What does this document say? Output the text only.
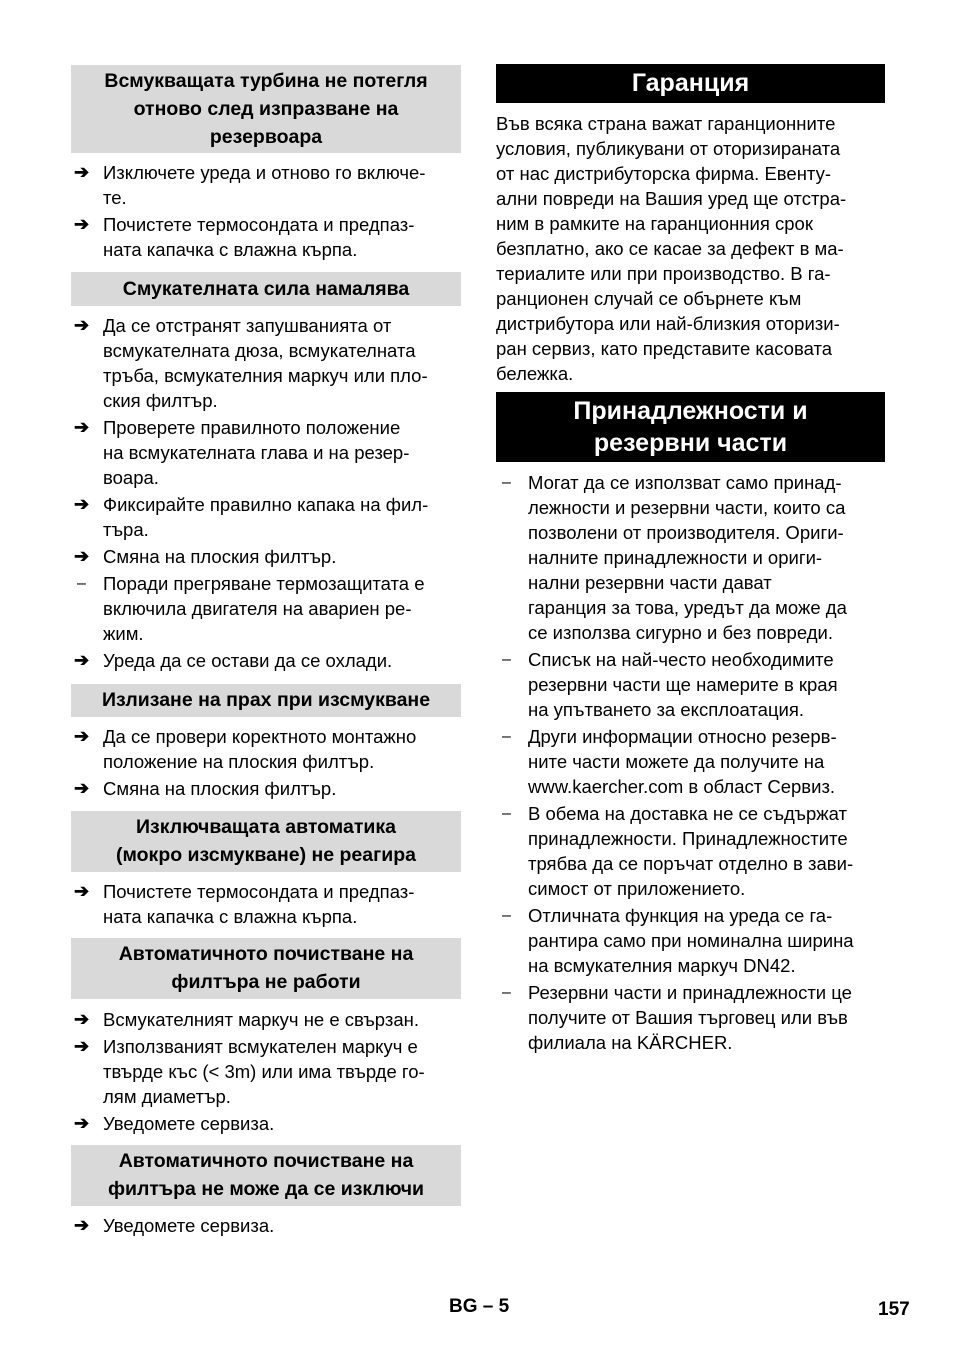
Всмукващата турбина не потегля
отново след изпразване на
резервоара
➔ Изключете уреда и отново го включе-
те.
➔ Почистете термосондата и предпаз-
ната капачка с влажна кърпа.
Смукателната сила намалява
➔ Да се отстранят запушванията от
всмукателната дюза, всмукателната
тръба, всмукателния маркуч или пло-
ския филтър.
➔ Проверете правилното положение
на всмукателната глава и на резер-
воара.
➔ Фиксирайте правилно капака на фил-
търа.
➔ Смяна на плоския филтър.
– Поради прегряване термозащитата е
включила двигателя на авариен ре-
жим.
➔ Уреда да се остави да се охлади.
Излизане на прах при изсмукване
➔ Да се провери коректното монтажно
положение на плоския филтър.
➔ Смяна на плоския филтър.
Изключващата автоматика
(мокро изсмукване) не реагира
➔ Почистете термосондата и предпаз-
ната капачка с влажна кърпа.
Автоматичното почистване на
филтъра не работи
➔ Всмукателният маркуч не е свързан.
➔ Използваният всмукателен маркуч е
твърде къс (< 3m) или има твърде го-
лям диаметър.
➔ Уведомете сервиза.
Автоматичното почистване на
филтъра не може да се изключи
➔ Уведомете сервиза.
Гаранция
Във всяка страна важат гаранционните
условия, публикувани от оторизираната
от нас дистрибуторска фирма. Евенту-
ални повреди на Вашия уред ще отстра-
ним в рамките на гаранционния срок
безплатно, ако се касае за дефект в ма-
териалите или при производство. В га-
ранционен случай се обърнете към
дистрибутора или най-близкия оторизи-
ран сервиз, като представите касовата
бележка.
Принадлежности и
резервни части
– Могат да се използват само принад-
лежности и резервни части, които са
позволени от производителя. Ориги-
налните принадлежности и ориги-
нални резервни части дават
гаранция за това, уредът да може да
се използва сигурно и без повреди.
– Списък на най-често необходимите
резервни части ще намерите в края
на упътването за експлоатация.
– Други информации относно резерв-
ните части можете да получите на
www.kaercher.com в област Сервиз.
– В обема на доставка не се съдържат
принадлежности. Принадлежностите
трябва да се поръчат отделно в зави-
симост от приложението.
– Отличната функция на уреда се га-
рантира само при номинална ширина
на всмукателния маркуч DN42.
– Резервни части и принадлежности це
получите от Вашия търговец или във
филиала на KÄRCHER.
BG – 5	157
